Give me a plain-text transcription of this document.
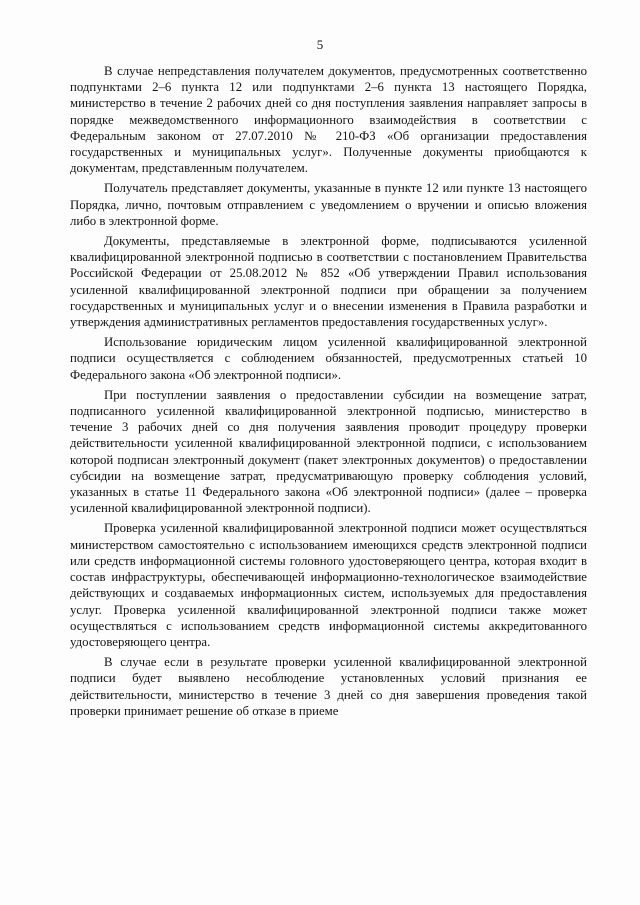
5

В случае непредставления получателем документов, предусмотренных соответственно подпунктами 2–6 пункта 12 или подпунктами 2–6 пункта 13 настоящего Порядка, министерство в течение 2 рабочих дней со дня поступления заявления направляет запросы в порядке межведомственного информационного взаимодействия в соответствии с Федеральным законом от 27.07.2010 № 210-ФЗ «Об организации предоставления государственных и муниципальных услуг». Полученные документы приобщаются к документам, представленным получателем.

Получатель представляет документы, указанные в пункте 12 или пункте 13 настоящего Порядка, лично, почтовым отправлением с уведомлением о вручении и описью вложения либо в электронной форме.

Документы, представляемые в электронной форме, подписываются усиленной квалифицированной электронной подписью в соответствии с постановлением Правительства Российской Федерации от 25.08.2012 № 852 «Об утверждении Правил использования усиленной квалифицированной электронной подписи при обращении за получением государственных и муниципальных услуг и о внесении изменения в Правила разработки и утверждения административных регламентов предоставления государственных услуг».

Использование юридическим лицом усиленной квалифицированной электронной подписи осуществляется с соблюдением обязанностей, предусмотренных статьей 10 Федерального закона «Об электронной подписи».

При поступлении заявления о предоставлении субсидии на возмещение затрат, подписанного усиленной квалифицированной электронной подписью, министерство в течение 3 рабочих дней со дня получения заявления проводит процедуру проверки действительности усиленной квалифицированной электронной подписи, с использованием которой подписан электронный документ (пакет электронных документов) о предоставлении субсидии на возмещение затрат, предусматривающую проверку соблюдения условий, указанных в статье 11 Федерального закона «Об электронной подписи» (далее – проверка усиленной квалифицированной электронной подписи).

Проверка усиленной квалифицированной электронной подписи может осуществляться министерством самостоятельно с использованием имеющихся средств электронной подписи или средств информационной системы головного удостоверяющего центра, которая входит в состав инфраструктуры, обеспечивающей информационно-технологическое взаимодействие действующих и создаваемых информационных систем, используемых для предоставления услуг. Проверка усиленной квалифицированной электронной подписи также может осуществляться с использованием средств информационной системы аккредитованного удостоверяющего центра.

В случае если в результате проверки усиленной квалифицированной электронной подписи будет выявлено несоблюдение установленных условий признания ее действительности, министерство в течение 3 дней со дня завершения проведения такой проверки принимает решение об отказе в приеме
